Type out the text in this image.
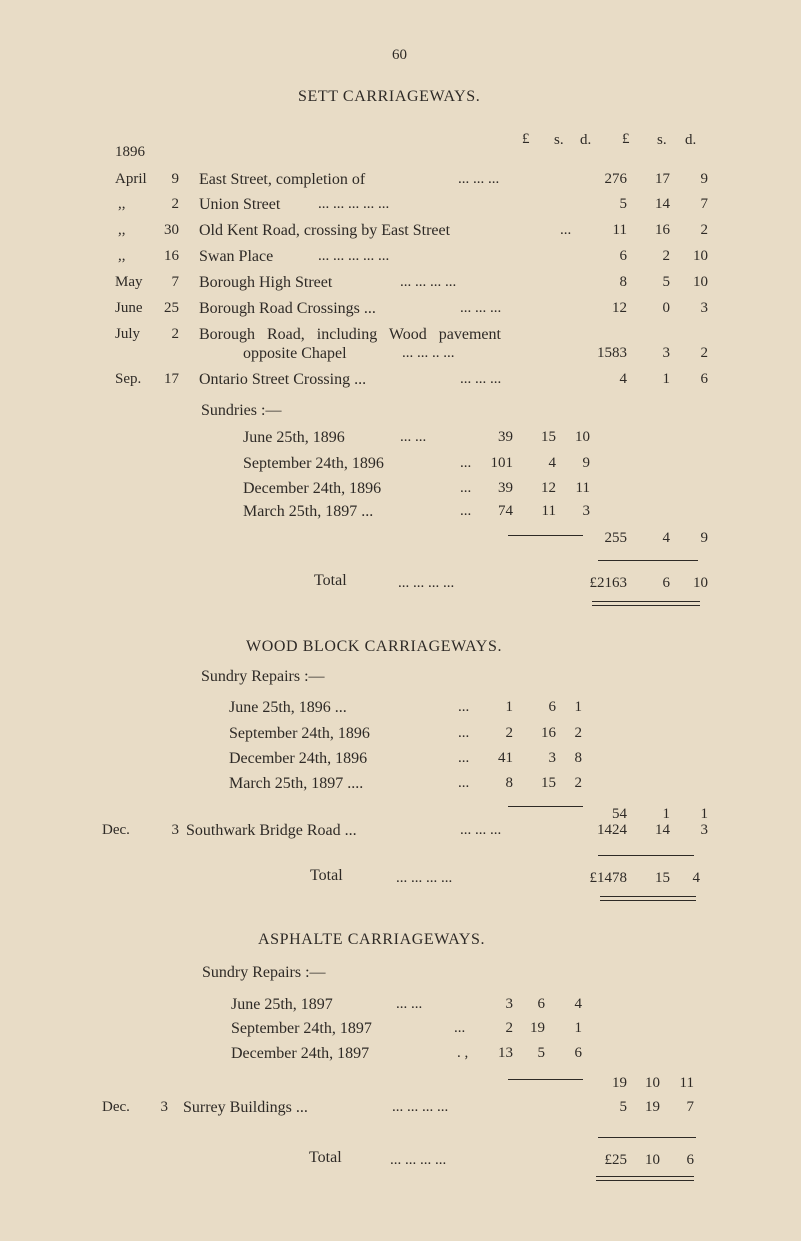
60
SETT CARRIAGEWAYS.
£ s. d. £ s. d.
1896
April	9 East Street, completion of	... ... ...	276	17	9
,,	2 Union Street	... ... ... ... ...	5	14	7
,,	30 Old Kent Road, crossing by East Street	...	11	16	2
,,	16 Swan Place	... ... ... ... ...	6	2	10
May	7 Borough High Street	... ... ... ...	8	5	10
June	25 Borough Road Crossings ...	... ... ...	12	0	3
July	2 Borough Road, including Wood pavement
opposite Chapel	... ... .. ...	1583	3	2
Sep.	17 Ontario Street Crossing ...	... ... ...	4	1	6
Sundries :—
June 25th, 1896	... ...	39	15	10
September 24th, 1896	...	101	4	9
December 24th, 1896	...	39	12	11
March 25th, 1897 ...	...	74	11	3
255	4	9
Total	... ... ... ...	£2163	6	10
WOOD BLOCK CARRIAGEWAYS.
Sundry Repairs :—
June 25th, 1896 ...	...	1	6	1
September 24th, 1896	...	2	16	2
December 24th, 1896	...	41	3	8
March 25th, 1897 ....	...	8	15	2
54	1	1
Dec.	3 Southwark Bridge Road ...	... ... ...	1424	14	3
Total	... ... ... ...	£1478	15	4
ASPHALTE CARRIAGEWAYS.
Sundry Repairs :—
June 25th, 1897	... ...	3	6	4
September 24th, 1897	...	2	19	1
December 24th, 1897	. ,	13	5	6
19	10	11
Dec.	3 Surrey Buildings ...	... ... ... ...	5	19	7
Total	... ... ... ...	£25	10	6
